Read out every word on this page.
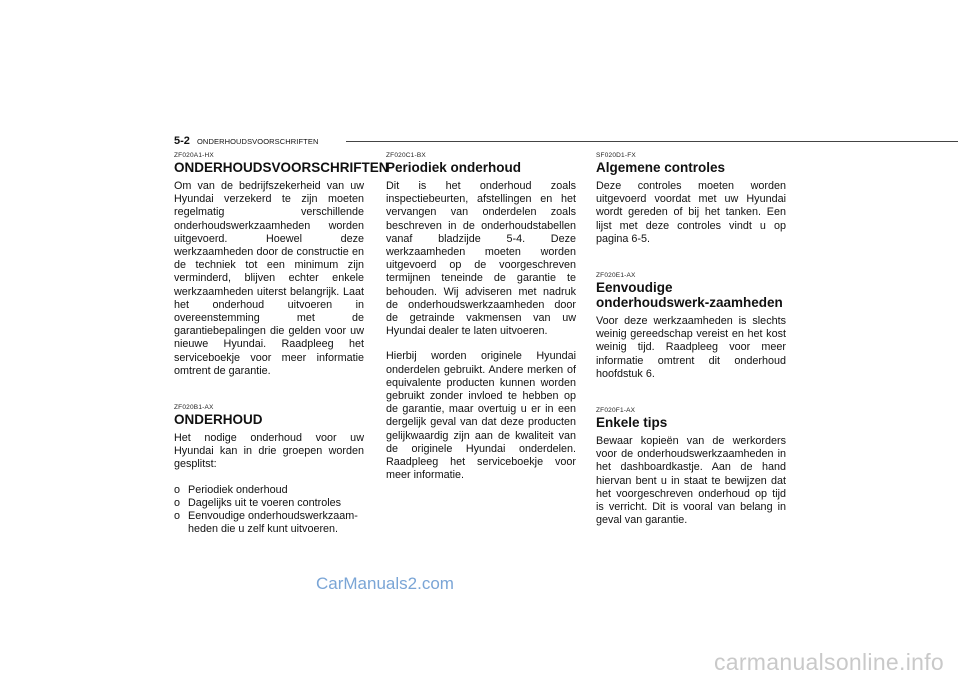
5-2 ONDERHOUDSVOORSCHRIFTEN
ZF020A1-HX
ONDERHOUDSVOORSCHRIFTEN

Om van de bedrijfszekerheid van uw Hyundai verzekerd te zijn moeten regelmatig verschillende onderhoudswerkzaamheden worden uitgevoerd. Hoewel deze werkzaamheden door de constructie en de techniek tot een minimum zijn verminderd, blijven echter enkele werkzaamheden uiterst belangrijk. Laat het onderhoud uitvoeren in overeenstemming met de garantiebepalingen die gelden voor uw nieuwe Hyundai. Raadpleeg het serviceboekje voor meer informatie omtrent de garantie.

ZF020B1-AX
ONDERHOUD

Het nodige onderhoud voor uw Hyundai kan in drie groepen worden gesplitst:

o Periodiek onderhoud
o Dagelijks uit te voeren controles
o Eenvoudige onderhoudswerkzaam-heden die u zelf kunt uitvoeren.
ZF020C1-BX
Periodiek onderhoud

Dit is het onderhoud zoals inspectiebeurten, afstellingen en het vervangen van onderdelen zoals beschreven in de onderhoudstabellen vanaf bladzijde 5-4. Deze werkzaamheden moeten worden uitgevoerd op de voorgeschreven termijnen teneinde de garantie te behouden. Wij adviseren met nadruk de onderhoudswerkzaamheden door de getrainde vakmensen van uw Hyundai dealer te laten uitvoeren.

Hierbij worden originele Hyundai onderdelen gebruikt. Andere merken of equivalente producten kunnen worden gebruikt zonder invloed te hebben op de garantie, maar overtuig u er in een dergelijk geval van dat deze producten gelijkwaardig zijn aan de kwaliteit van de originele Hyundai onderdelen. Raadpleeg het serviceboekje voor meer informatie.

SF020D1-FX
Algemene controles

Deze controles moeten worden uitgevoerd voordat met uw Hyundai wordt gereden of bij het tanken. Een lijst met deze controles vindt u op pagina 6-5.

ZF020E1-AX
Eenvoudige onderhoudswerk-zaamheden

Voor deze werkzaamheden is slechts weinig gereedschap vereist en het kost weinig tijd. Raadpleeg voor meer informatie omtrent dit onderhoud hoofdstuk 6.

ZF020F1-AX
Enkele tips

Bewaar kopieën van de werkorders voor de onderhoudswerkzaamheden in het dashboardkastje. Aan de hand hiervan bent u in staat te bewijzen dat het voorgeschreven onderhoud op tijd is verricht. Dit is vooral van belang in geval van garantie.

CarManuals2.com
carmanualsonline.info
